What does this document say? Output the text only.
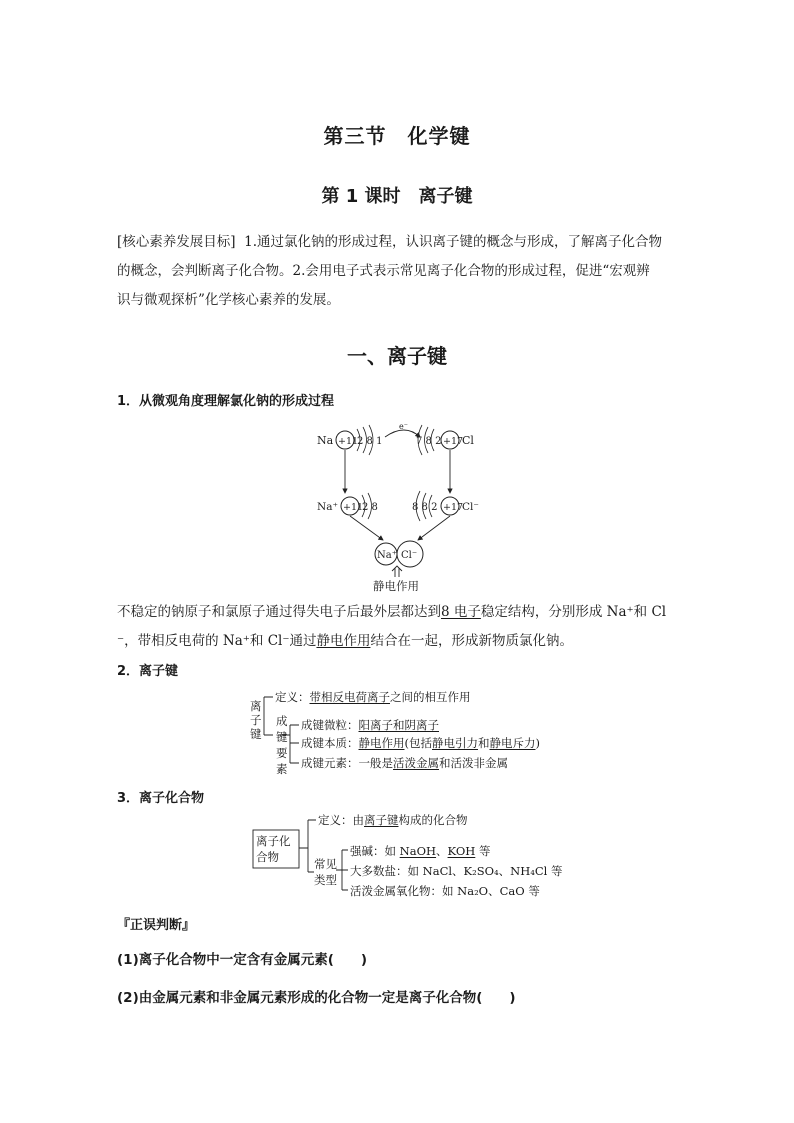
第三节　化学键
第 1 课时　离子键
[核心素养发展目标] 1.通过氯化钠的形成过程，认识离子键的概念与形成，了解离子化合物
的概念，会判断离子化合物。2.会用电子式表示常见离子化合物的形成过程，促进“宏观辨
识与微观探析”化学核心素养的发展。
一、离子键
1．从微观角度理解氯化钠的形成过程
Na +11
2 8 1
e⁻
7 8 2 +17
Cl
Na⁺ +11
2 8	8 8 2 +17
Cl⁻
Na⁺ Cl⁻
静电作用
不稳定的钠原子和氯原子通过得失电子后最外层都达到8 电子稳定结构，分别形成 Na⁺和 Cl
⁻，带相反电荷的 Na⁺和 Cl⁻通过静电作用结合在一起，形成新物质氯化钠。
2．离子键
离
子
键
定义：带相反电荷离子之间的相互作用
成
键
要
素
成键微粒：阳离子和阴离子
成键本质：静电作用(包括静电引力和静电斥力)
成键元素：一般是活泼金属和活泼非金属
3．离子化合物
离子化
合物
定义：由离子键构成的化合物
常见
类型
强碱：如 NaOH、KOH 等
大多数盐：如 NaCl、K₂SO₄、NH₄Cl 等
活泼金属氧化物：如 Na₂O、CaO 等
『正误判断』
(1)离子化合物中一定含有金属元素(　　)
(2)由金属元素和非金属元素形成的化合物一定是离子化合物(　　)
